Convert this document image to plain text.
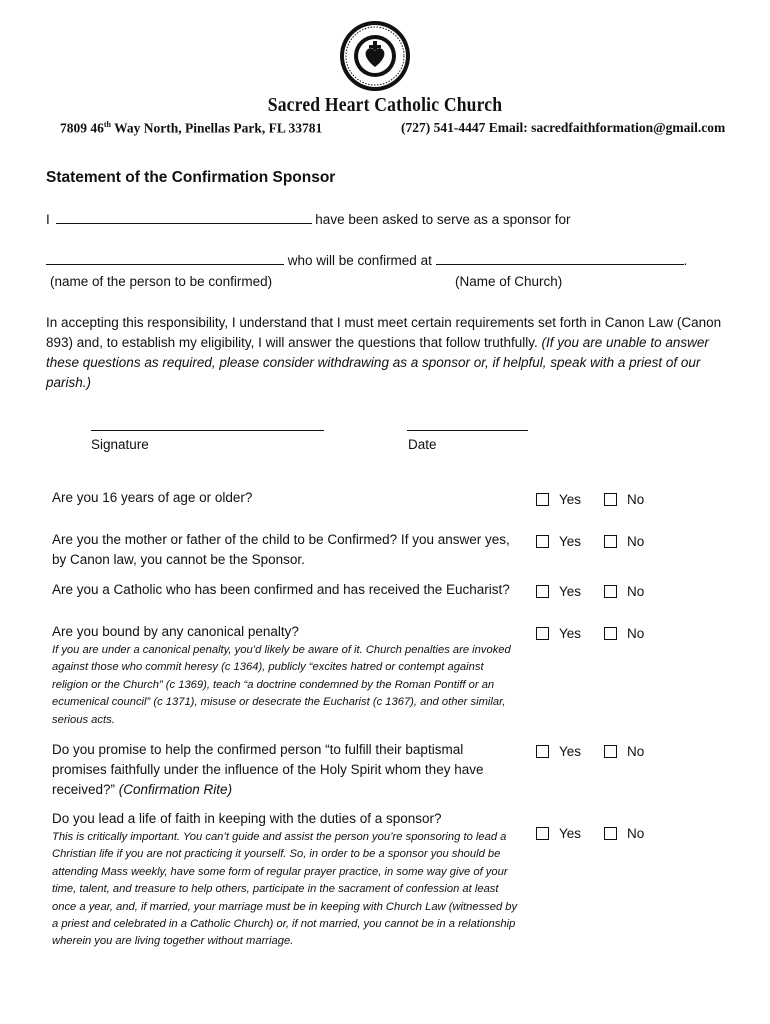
Sacred Heart Catholic Church
7809 46th Way North, Pinellas Park, FL 33781	(727) 541-4447 Email: sacredfaithformation@gmail.com
Statement of the Confirmation Sponsor
I	have been asked to serve as a sponsor for
who will be confirmed at	.
(name of the person to be confirmed)	(Name of Church)
In accepting this responsibility, I understand that I must meet certain requirements set forth in Canon Law (Canon 893) and, to establish my eligibility, I will answer the questions that follow truthfully. (If you are unable to answer these questions as required, please consider withdrawing as a sponsor or, if helpful, speak with a priest of our parish.)
Signature	Date
Are you 16 years of age or older?	Yes	No
Are you the mother or father of the child to be Confirmed? If you answer yes, by Canon law, you cannot be the Sponsor.
Yes	No
Are you a Catholic who has been confirmed and has received the Eucharist?	Yes	No
Are you bound by any canonical penalty?
If you are under a canonical penalty, you’d likely be aware of it. Church penalties are invoked against those who commit heresy (c 1364), publicly “excites hatred or contempt against religion or the Church” (c 1369), teach “a doctrine condemned by the Roman Pontiff or an ecumenical council” (c 1371), misuse or desecrate the Eucharist (c 1367), and other similar, serious acts.
Yes	No
Do you promise to help the confirmed person “to fulfill their baptismal promises faithfully under the influence of the Holy Spirit whom they have received?” (Confirmation Rite)
Yes	No
Do you lead a life of faith in keeping with the duties of a sponsor?
This is critically important. You can’t guide and assist the person you’re sponsoring to lead a Christian life if you are not practicing it yourself. So, in order to be a sponsor you should be attending Mass weekly, have some form of regular prayer practice, in some way give of your time, talent, and treasure to help others, participate in the sacrament of confession at least once a year, and, if married, your marriage must be in keeping with Church Law (witnessed by a priest and celebrated in a Catholic Church) or, if not married, you cannot be in a relationship wherein you are living together without marriage.
Yes	No
